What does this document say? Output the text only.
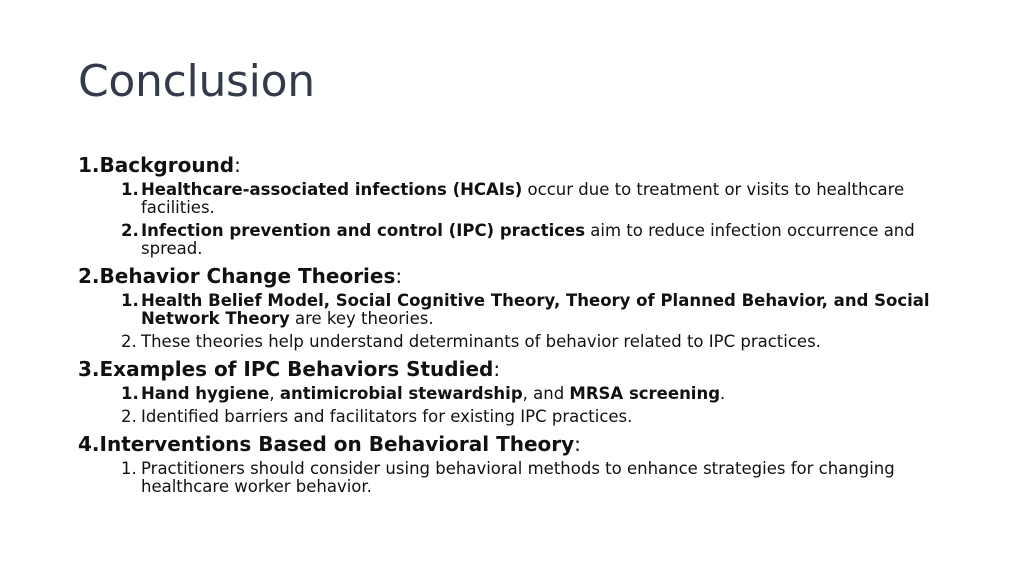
Conclusion
1.Background:
1. Healthcare-associated infections (HCAIs) occur due to treatment or visits to healthcare facilities.
2. Infection prevention and control (IPC) practices aim to reduce infection occurrence and spread.
2.Behavior Change Theories:
1. Health Belief Model, Social Cognitive Theory, Theory of Planned Behavior, and Social Network Theory are key theories.
2. These theories help understand determinants of behavior related to IPC practices.
3.Examples of IPC Behaviors Studied:
1. Hand hygiene, antimicrobial stewardship, and MRSA screening.
2. Identified barriers and facilitators for existing IPC practices.
4.Interventions Based on Behavioral Theory:
1. Practitioners should consider using behavioral methods to enhance strategies for changing healthcare worker behavior.
